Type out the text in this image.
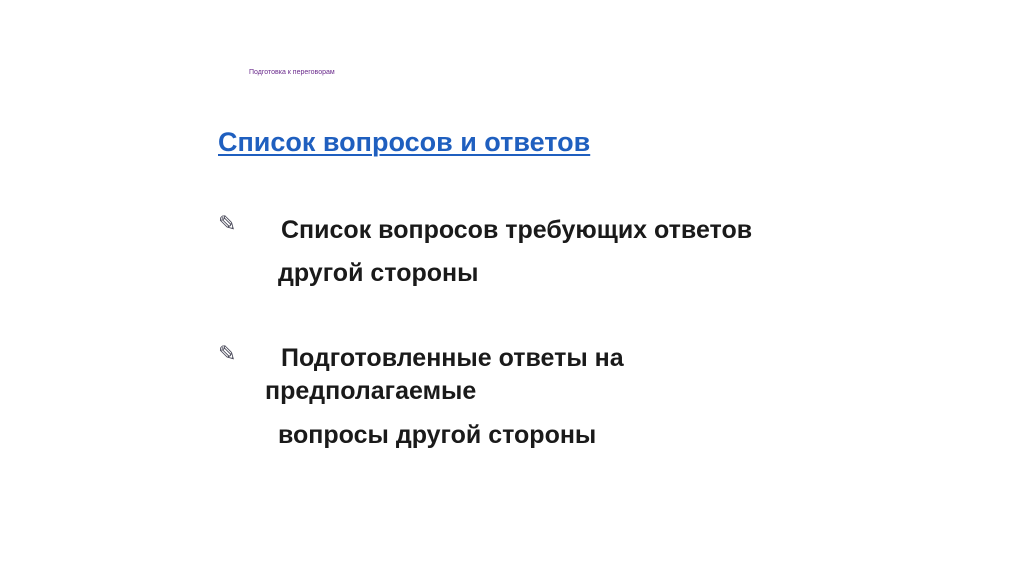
Подготовка к переговорам
Список вопросов и ответов
✎ Список вопросов требующих ответов
другой стороны
✎ Подготовленные ответы на
предполагаемые
вопросы другой стороны
